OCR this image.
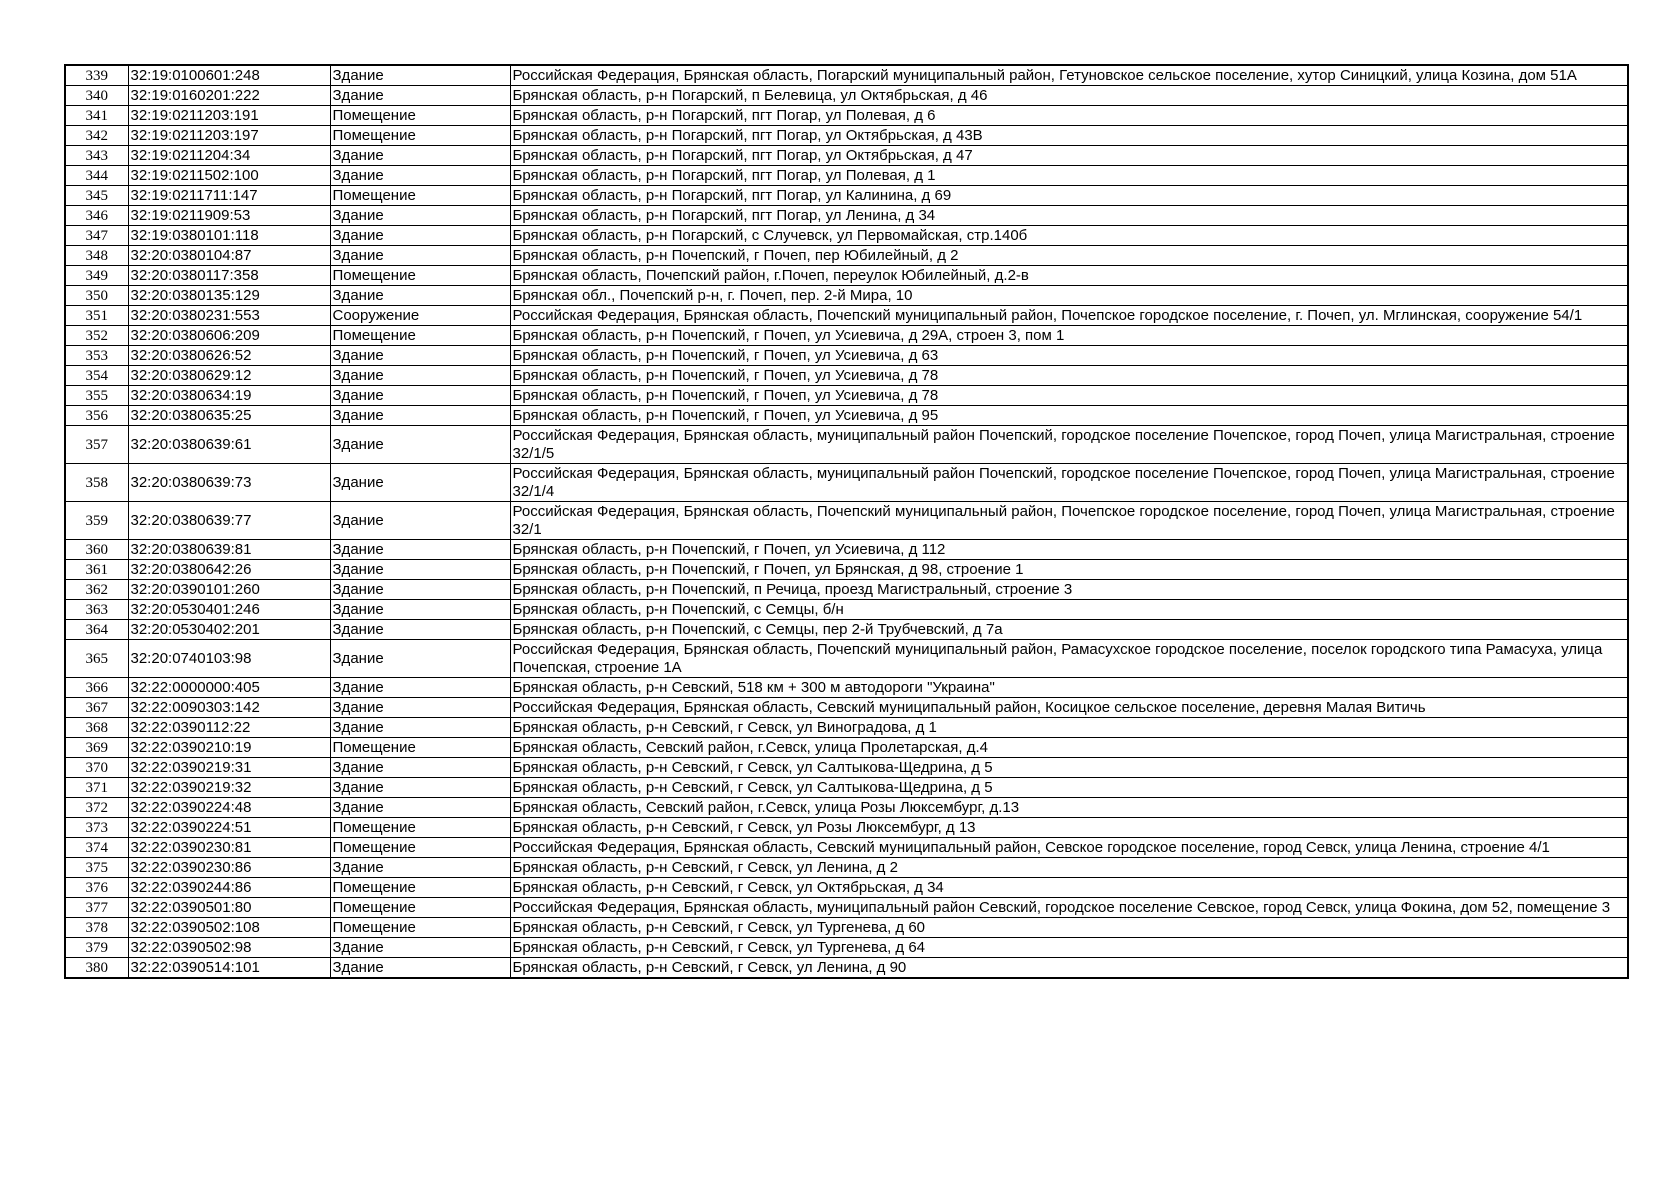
339	32:19:0100601:248	Здание	Российская Федерация, Брянская область, Погарский муниципальный район, Гетуновское сельское поселение, хутор Синицкий, улица Козина, дом 51А
340	32:19:0160201:222	Здание	Брянская область, р-н Погарский, п Белевица, ул Октябрьская, д 46
341	32:19:0211203:191	Помещение	Брянская область, р-н Погарский, пгт Погар, ул Полевая, д 6
342	32:19:0211203:197	Помещение	Брянская область, р-н Погарский, пгт Погар, ул Октябрьская, д 43В
343	32:19:0211204:34	Здание	Брянская область, р-н Погарский, пгт Погар, ул Октябрьская, д 47
344	32:19:0211502:100	Здание	Брянская область, р-н Погарский, пгт Погар, ул Полевая, д 1
345	32:19:0211711:147	Помещение	Брянская область, р-н Погарский, пгт Погар, ул Калинина, д 69
346	32:19:0211909:53	Здание	Брянская область, р-н Погарский, пгт Погар, ул Ленина, д 34
347	32:19:0380101:118	Здание	Брянская область, р-н Погарский, с Случевск, ул Первомайская, стр.140б
348	32:20:0380104:87	Здание	Брянская область, р-н Почепский, г Почеп, пер Юбилейный, д 2
349	32:20:0380117:358	Помещение	Брянская область, Почепский район, г.Почеп, переулок Юбилейный, д.2-в
350	32:20:0380135:129	Здание	Брянская обл., Почепский р-н, г. Почеп, пер. 2-й Мира, 10
351	32:20:0380231:553	Сооружение	Российская Федерация, Брянская область, Почепский муниципальный район, Почепское городское поселение, г. Почеп, ул. Мглинская, сооружение 54/1
352	32:20:0380606:209	Помещение	Брянская область, р-н Почепский, г Почеп, ул Усиевича, д 29А, строен 3, пом 1
353	32:20:0380626:52	Здание	Брянская область, р-н Почепский, г Почеп, ул Усиевича, д 63
354	32:20:0380629:12	Здание	Брянская область, р-н Почепский, г Почеп, ул Усиевича, д 78
355	32:20:0380634:19	Здание	Брянская область, р-н Почепский, г Почеп, ул Усиевича, д 78
356	32:20:0380635:25	Здание	Брянская область, р-н Почепский, г Почеп, ул Усиевича, д 95
357	32:20:0380639:61	Здание	Российская Федерация, Брянская область, муниципальный район Почепский, городское поселение Почепское, город Почеп, улица Магистральная, строение 32/1/5
358	32:20:0380639:73	Здание	Российская Федерация, Брянская область, муниципальный район Почепский, городское поселение Почепское, город Почеп, улица Магистральная, строение 32/1/4
359	32:20:0380639:77	Здание	Российская Федерация, Брянская область, Почепский муниципальный район, Почепское городское поселение, город Почеп, улица Магистральная, строение 32/1
360	32:20:0380639:81	Здание	Брянская область, р-н Почепский, г Почеп, ул Усиевича, д 112
361	32:20:0380642:26	Здание	Брянская область, р-н Почепский, г Почеп, ул Брянская, д 98, строение 1
362	32:20:0390101:260	Здание	Брянская область, р-н Почепский, п Речица, проезд Магистральный, строение 3
363	32:20:0530401:246	Здание	Брянская область, р-н Почепский, с Семцы, б/н
364	32:20:0530402:201	Здание	Брянская область, р-н Почепский, с Семцы, пер 2-й Трубчевский, д 7а
365	32:20:0740103:98	Здание	Российская Федерация, Брянская область, Почепский муниципальный район, Рамасухское городское поселение, поселок городского типа Рамасуха, улица Почепская, строение 1А
366	32:22:0000000:405	Здание	Брянская область, р-н Севский, 518 км + 300 м автодороги "Украина"
367	32:22:0090303:142	Здание	Российская Федерация, Брянская область, Севский муниципальный район, Косицкое сельское поселение, деревня Малая Витичь
368	32:22:0390112:22	Здание	Брянская область, р-н Севский, г Севск, ул Виноградова, д 1
369	32:22:0390210:19	Помещение	Брянская область, Севский район, г.Севск, улица Пролетарская, д.4
370	32:22:0390219:31	Здание	Брянская область, р-н Севский, г Севск, ул Салтыкова-Щедрина, д 5
371	32:22:0390219:32	Здание	Брянская область, р-н Севский, г Севск, ул Салтыкова-Щедрина, д 5
372	32:22:0390224:48	Здание	Брянская область, Севский район, г.Севск, улица Розы Люксембург, д.13
373	32:22:0390224:51	Помещение	Брянская область, р-н Севский, г Севск, ул Розы Люксембург, д 13
374	32:22:0390230:81	Помещение	Российская Федерация, Брянская область, Севский муниципальный район, Севское городское поселение, город Севск, улица Ленина, строение 4/1
375	32:22:0390230:86	Здание	Брянская область, р-н Севский, г Севск, ул Ленина, д 2
376	32:22:0390244:86	Помещение	Брянская область, р-н Севский, г Севск, ул Октябрьская, д 34
377	32:22:0390501:80	Помещение	Российская Федерация, Брянская область, муниципальный район Севский, городское поселение Севское, город Севск, улица Фокина, дом 52, помещение 3
378	32:22:0390502:108	Помещение	Брянская область, р-н Севский, г Севск, ул Тургенева, д 60
379	32:22:0390502:98	Здание	Брянская область, р-н Севский, г Севск, ул Тургенева, д 64
380	32:22:0390514:101	Здание	Брянская область, р-н Севский, г Севск, ул Ленина, д 90
